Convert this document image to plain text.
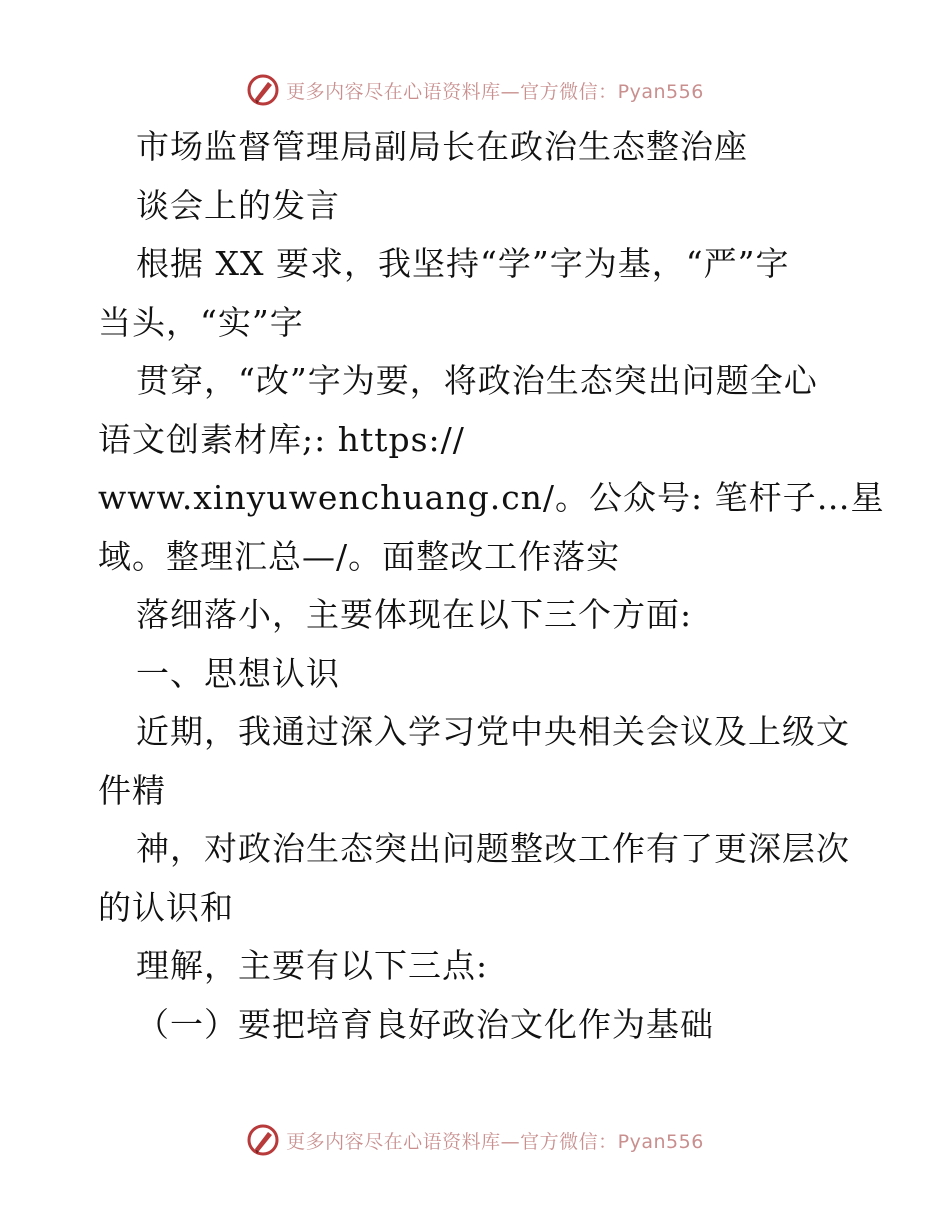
更多内容尽在心语资料库—官方微信：Pyan556
市场监督管理局副局长在政治生态整治座
谈会上的发言
根据 XX 要求，我坚持“学”字为基，“严”字
当头，“实”字
贯穿，“改”字为要，将政治生态突出问题全心
语文创素材库;: https://
www.xinyuwenchuang.cn/。公众号: 笔杆子…星
域。整理汇总—/。面整改工作落实
落细落小，主要体现在以下三个方面:
一、思想认识
近期，我通过深入学习党中央相关会议及上级文
件精
神，对政治生态突出问题整改工作有了更深层次
的认识和
理解，主要有以下三点:
（一）要把培育良好政治文化作为基础
更多内容尽在心语资料库—官方微信：Pyan556
